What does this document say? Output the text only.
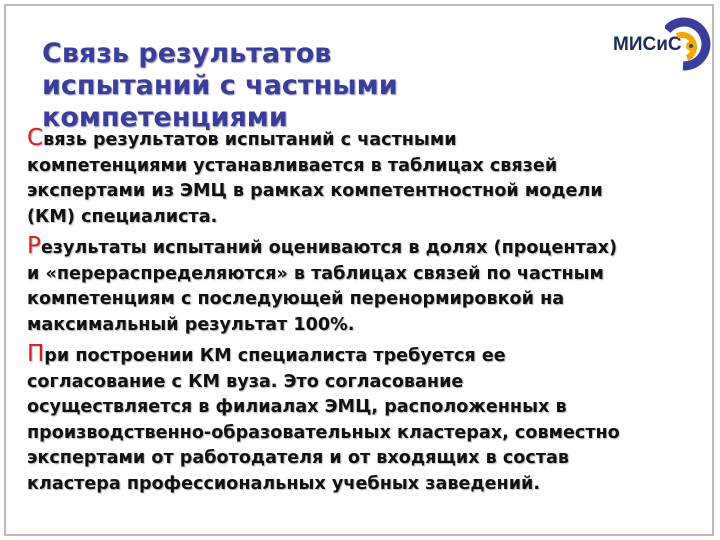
Связь результатов
испытаний с частными компетенциями
МИСиС

Связь результатов испытаний с частными
компетенциями устанавливается в таблицах связей
экспертами из ЭМЦ в рамках компетентностной модели
(КМ) специалиста.

Результаты испытаний оцениваются в долях (процентах)
и «перераспределяются» в таблицах связей по частным
компетенциям с последующей перенормировкой на
максимальный результат 100%.

При построении КМ специалиста требуется ее
согласование с КМ вуза. Это согласование
осуществляется в филиалах ЭМЦ, расположенных в
производственно-образовательных кластерах, совместно
экспертами от работодателя и от входящих в состав
кластера профессиональных учебных заведений.
